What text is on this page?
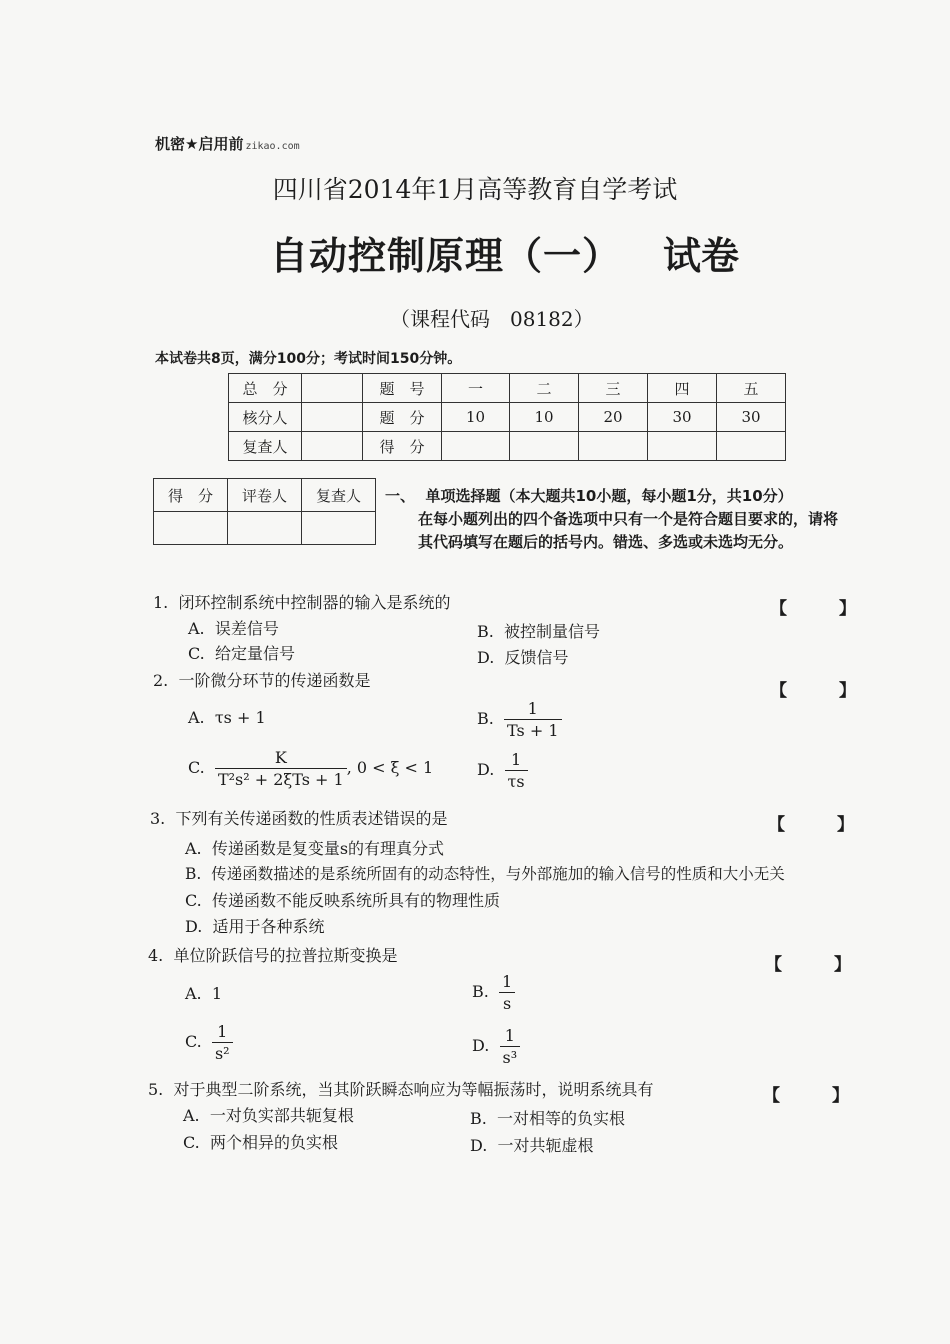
机密★启用前 zikao.com
四川省2014年1月高等教育自学考试
自动控制原理（一） 试卷
（课程代码　08182）
本试卷共8页，满分100分；考试时间150分钟。
总　分		题　号	一	二	三	四	五
核分人		题　分	10	10	20	30	30
复查人		得　分					
得　分	评卷人	复查人
		一、 单项选择题（本大题共10小题，每小题1分，共10分）
在每小题列出的四个备选项中只有一个是符合题目要求的，请将其代码填写在题后的括号内。错选、多选或未选均无分。
1. 闭环控制系统中控制器的输入是系统的	【	】
A. 误差信号	B. 被控制量信号
C. 给定量信号	D. 反馈信号
2. 一阶微分环节的传递函数是
【	】
A. τs + 1	B. $\frac{1}{Ts + 1}$
C. $\frac{K}{\text{T²s² + 2ξTs + 1}}$ , 0 < ξ < 1	D. $\frac{1}{\tau s}$
3. 下列有关传递函数的性质表述错误的是	【	】
A. 传递函数是复变量s的有理真分式
B. 传递函数描述的是系统所固有的动态特性，与外部施加的输入信号的性质和大小无关
C. 传递函数不能反映系统所具有的物理性质
D. 适用于各种系统
4. 单位阶跃信号的拉普拉斯变换是	【	】
A. 1	B. $\frac{1}{s}$
C. $\frac{1}{\text{s²}}$	D. $\frac{1}{\text{s³}}$
5. 对于典型二阶系统，当其阶跃瞬态响应为等幅振荡时，说明系统具有	【	】
A. 一对负实部共轭复根	B. 一对相等的负实根
C. 两个相异的负实根	D. 一对共轭虚根
